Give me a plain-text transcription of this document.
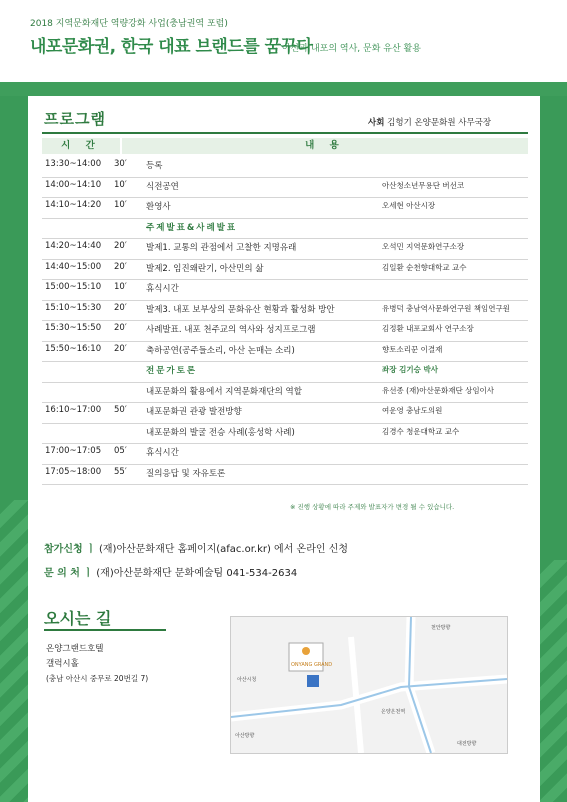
2018 지역문화재단 역량강화 사업(충남권역 포럼)
내포문화권, 한국 대표 브랜드를 꿈꾸다
아산과 내포의 역사, 문화 유산 활용
프로그램	사회 김헝기 온양문화원 사무국장
시 간	내 용
13:30~14:00 30′ 등록
14:00~14:10 10′ 식전공연	아산청소년무용단 버선코
14:10~14:20 10′ 환영사	오세현 아산시장
주제발표&사례발표
14:20~14:40 20′ 발제1. 교통의 관점에서 고찰한 지명유래	오석민 지역문화연구소장
14:40~15:00 20′ 발제2. 임진왜란기, 아산민의 삶	김일환 순천향대학교 교수
15:00~15:10 10′ 휴식시간
15:10~15:30 20′ 발제3. 내포 보부상의 문화유산 현황과 활성화 방안	유병덕 충남역사문화연구원 책임연구원
15:30~15:50 20′ 사례발표. 내포 천주교의 역사와 성지프로그램	김정환 내포교회사 연구소장
15:50~16:10 20′ 축하공연(공주들소리, 아산 논매는 소리)	향토소리꾼 이결재
전문가토론	좌장 김기승 박사
내포문화의 활용에서 지역문화재단의 역할	유선종 (재)아산문화재단 상임이사
16:10~17:00 50′ 내포문화권 관광 발전방향	여운영 충남도의원
내포문화의 발굴 전승 사례(홍성학 사례)	김경수 청운대학교 교수
17:00~17:05 05′ 휴식시간
17:05~18:00 55′ 질의응답 및 자유토론
※ 진행 상황에 따라 주제와 발표자가 변경 될 수 있습니다.
참가신청 ㅣ (재)아산문화재단 홈페이지(afac.or.kr) 에서 온라인 신청
문 의 처 ㅣ (재)아산문화재단 문화예술팀 041-534-2634
오시는 길
온양그랜드호텔
갤럭시홀
(충남 아산시 중무로 20번길 7)
ONYANG GRAND
아산시청
천안방향
대전방향
온양온천역
아산방향
